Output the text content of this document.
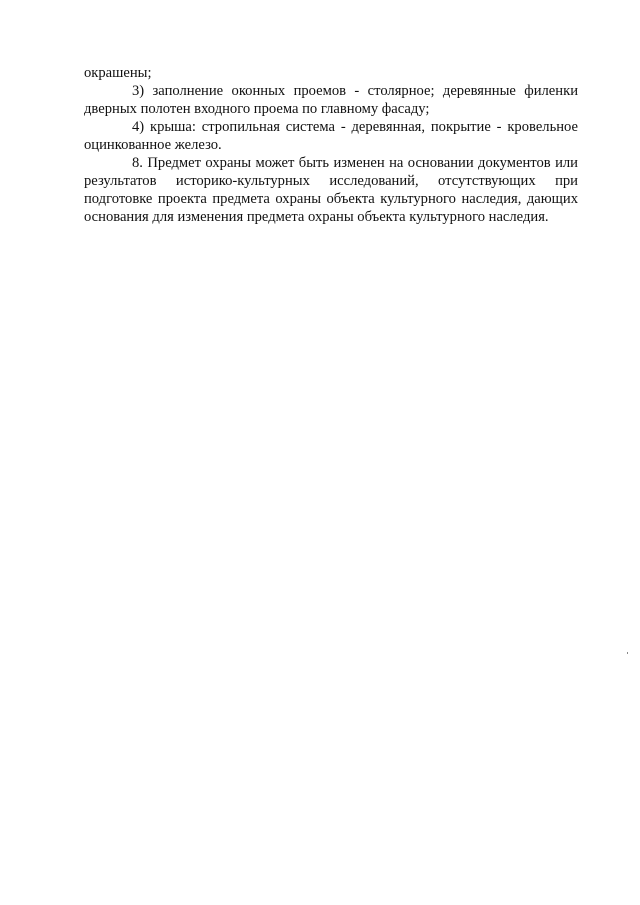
окрашены;

3) заполнение оконных проемов - столярное; деревянные филенки дверных полотен входного проема по главному фасаду;

4) крыша: стропильная система - деревянная, покрытие - кровельное оцинкованное железо.

8. Предмет охраны может быть изменен на основании документов или результатов историко-культурных исследований, отсутствующих при подготовке проекта предмета охраны объекта культурного наследия, дающих основания для изменения предмета охраны объекта культурного наследия.
